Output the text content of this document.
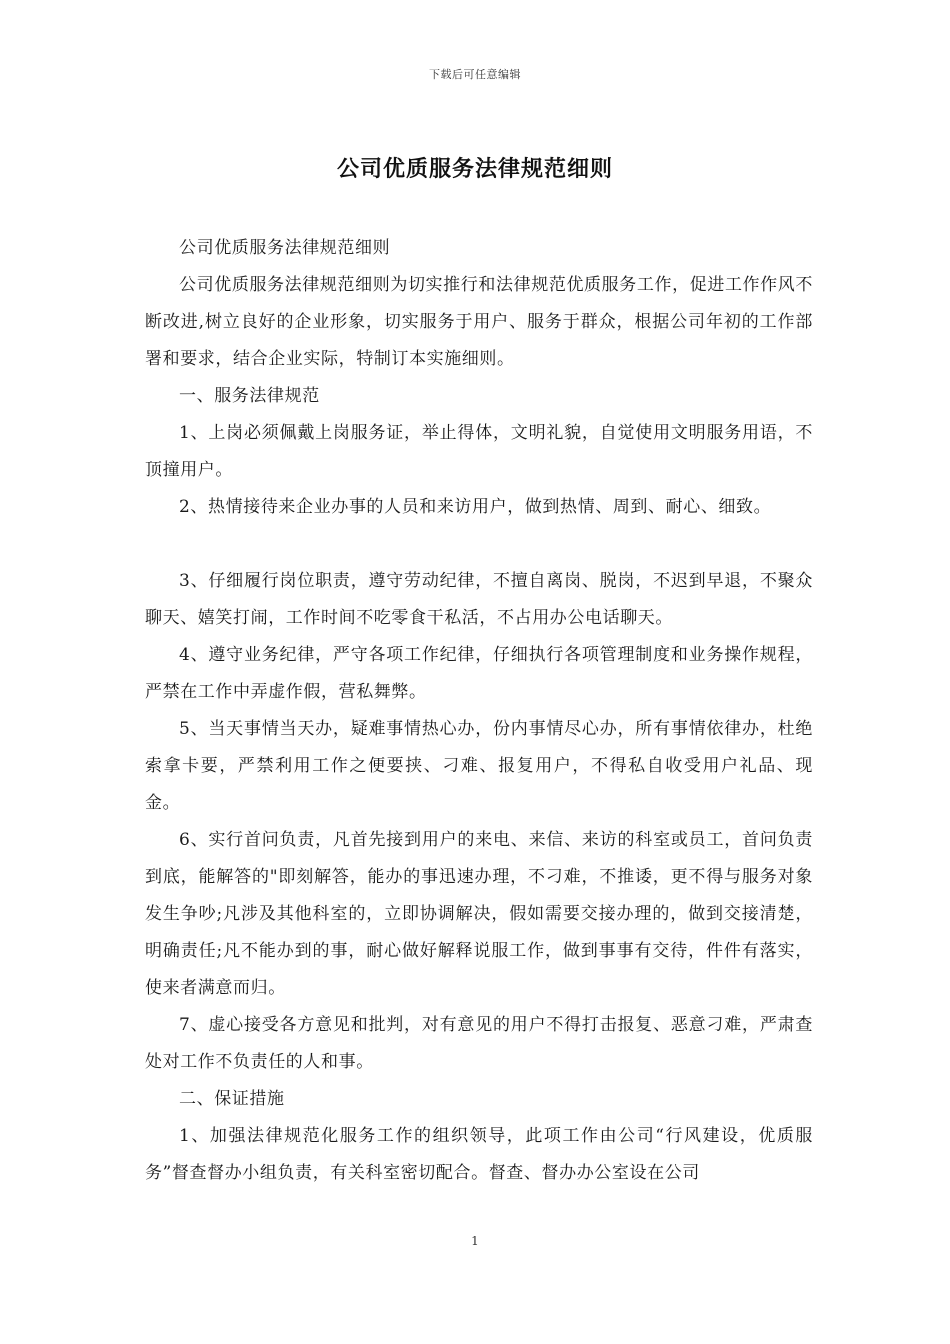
下载后可任意编辑
公司优质服务法律规范细则

公司优质服务法律规范细则

公司优质服务法律规范细则为切实推行和法律规范优质服务工作，促进工作作风不断改进,树立良好的企业形象，切实服务于用户、服务于群众，根据公司年初的工作部署和要求，结合企业实际，特制订本实施细则。

一、服务法律规范

1、上岗必须佩戴上岗服务证，举止得体，文明礼貌，自觉使用文明服务用语，不顶撞用户。

2、热情接待来企业办事的人员和来访用户，做到热情、周到、耐心、细致。

3、仔细履行岗位职责，遵守劳动纪律，不擅自离岗、脱岗，不迟到早退，不聚众聊天、嬉笑打闹，工作时间不吃零食干私活，不占用办公电话聊天。

4、遵守业务纪律，严守各项工作纪律，仔细执行各项管理制度和业务操作规程，严禁在工作中弄虚作假，营私舞弊。

5、当天事情当天办，疑难事情热心办，份内事情尽心办，所有事情依律办，杜绝索拿卡要，严禁利用工作之便要挟、刁难、报复用户，不得私自收受用户礼品、现金。

6、实行首问负责，凡首先接到用户的来电、来信、来访的科室或员工，首问负责到底，能解答的"即刻解答，能办的事迅速办理，不刁难，不推诿，更不得与服务对象发生争吵;凡涉及其他科室的，立即协调解决，假如需要交接办理的，做到交接清楚，明确责任;凡不能办到的事，耐心做好解释说服工作，做到事事有交待，件件有落实，使来者满意而归。

7、虚心接受各方意见和批判，对有意见的用户不得打击报复、恶意刁难，严肃查处对工作不负责任的人和事。

二、保证措施

1、加强法律规范化服务工作的组织领导，此项工作由公司“行风建设，优质服务”督查督办小组负责，有关科室密切配合。督查、督办办公室设在公司

1
